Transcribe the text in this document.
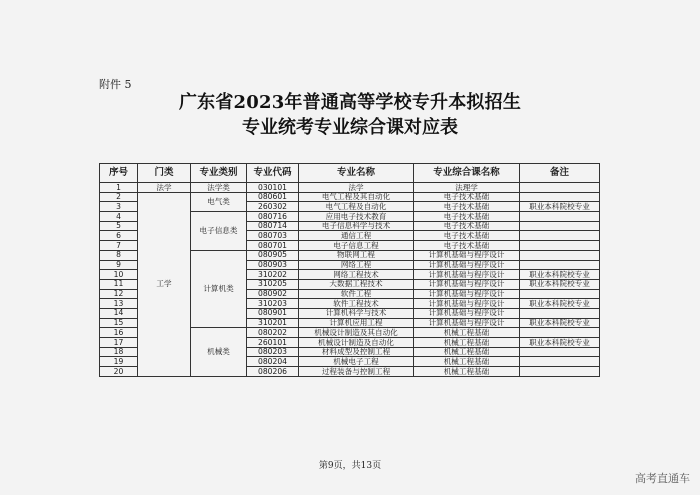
附件 5
广东省2023年普通高等学校专升本拟招生
专业统考专业综合课对应表
序号	门类	专业类别	专业代码	专业名称	专业综合课名称	备注
1	法学	法学类	030101	法学	法理学	
2	工学	电气类	080601	电气工程及其自动化	电子技术基础	
3			260302	电气工程及自动化	电子技术基础	职业本科院校专业
4		电子信息类	080716	应用电子技术教育	电子技术基础	
5			080714	电子信息科学与技术	电子技术基础	
6			080703	通信工程	电子技术基础	
7			080701	电子信息工程	电子技术基础	
8		计算机类	080905	物联网工程	计算机基础与程序设计	
9			080903	网络工程	计算机基础与程序设计	
10			310202	网络工程技术	计算机基础与程序设计	职业本科院校专业
11			310205	大数据工程技术	计算机基础与程序设计	职业本科院校专业
12			080902	软件工程	计算机基础与程序设计	
13			310203	软件工程技术	计算机基础与程序设计	职业本科院校专业
14			080901	计算机科学与技术	计算机基础与程序设计	
15			310201	计算机应用工程	计算机基础与程序设计	职业本科院校专业
16		机械类	080202	机械设计制造及其自动化	机械工程基础	
17			260101	机械设计制造及自动化	机械工程基础	职业本科院校专业
18			080203	材料成型及控制工程	机械工程基础	
19			080204	机械电子工程	机械工程基础	
20			080206	过程装备与控制工程	机械工程基础	
第9页，共13页
高考直通车
